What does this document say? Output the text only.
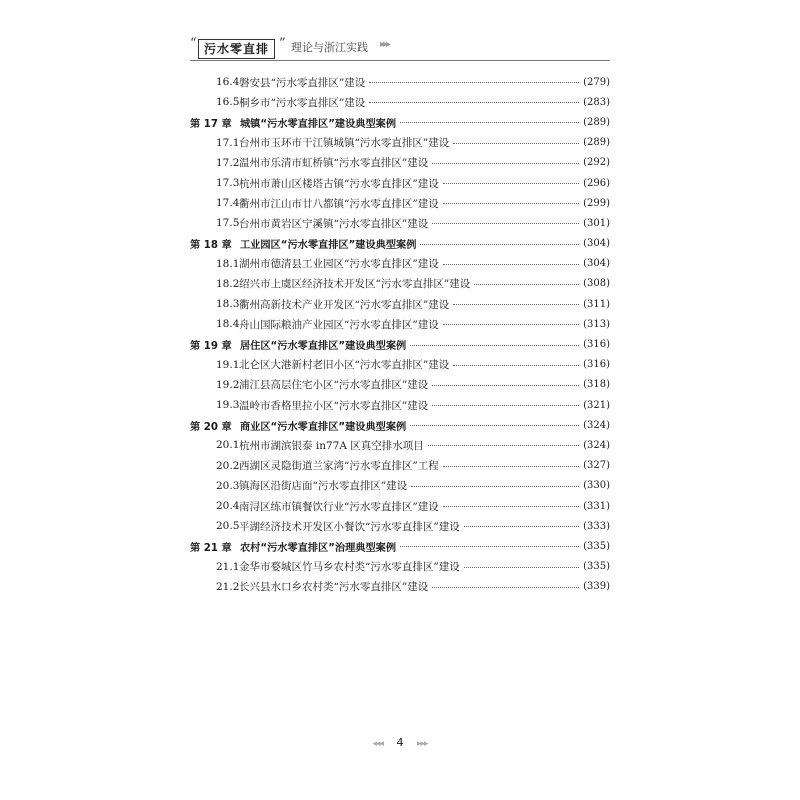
“ 污水零直排 ” 理论与浙江实践 ▸▸▸
16.4 磐安县“污水零直排区”建设	(279)
16.5 桐乡市“污水零直排区”建设	(283)
第 17 章 城镇“污水零直排区”建设典型案例	(289)
17.1 台州市玉环市干江镇城镇“污水零直排区”建设	(289)
17.2 温州市乐清市虹桥镇“污水零直排区”建设	(292)
17.3 杭州市萧山区楼塔古镇“污水零直排区”建设	(296)
17.4 衢州市江山市廿八都镇“污水零直排区”建设	(299)
17.5 台州市黄岩区宁溪镇“污水零直排区”建设	(301)
第 18 章 工业园区“污水零直排区”建设典型案例	(304)
18.1 湖州市德清县工业园区“污水零直排区”建设	(304)
18.2 绍兴市上虞区经济技术开发区“污水零直排区”建设	(308)
18.3 衢州高新技术产业开发区“污水零直排区”建设	(311)
18.4 舟山国际粮油产业园区“污水零直排区”建设	(313)
第 19 章 居住区“污水零直排区”建设典型案例	(316)
19.1 北仑区大港新村老旧小区“污水零直排区”建设	(316)
19.2 浦江县高层住宅小区“污水零直排区”建设	(318)
19.3 温岭市香格里拉小区“污水零直排区”建设	(321)
第 20 章 商业区“污水零直排区”建设典型案例	(324)
20.1 杭州市湖滨银泰 in77A 区真空排水项目	(324)
20.2 西湖区灵隐街道兰家湾“污水零直排区”工程	(327)
20.3 镇海区沿街店面“污水零直排区”建设	(330)
20.4 南浔区练市镇餐饮行业“污水零直排区”建设	(331)
20.5 平湖经济技术开发区小餐饮“污水零直排区”建设	(333)
第 21 章 农村“污水零直排区”治理典型案例	(335)
21.1 金华市婺城区竹马乡农村类“污水零直排区”建设	(335)
21.2 长兴县水口乡农村类“污水零直排区”建设	(339)
◂◂◂ 4 ▸▸▸
